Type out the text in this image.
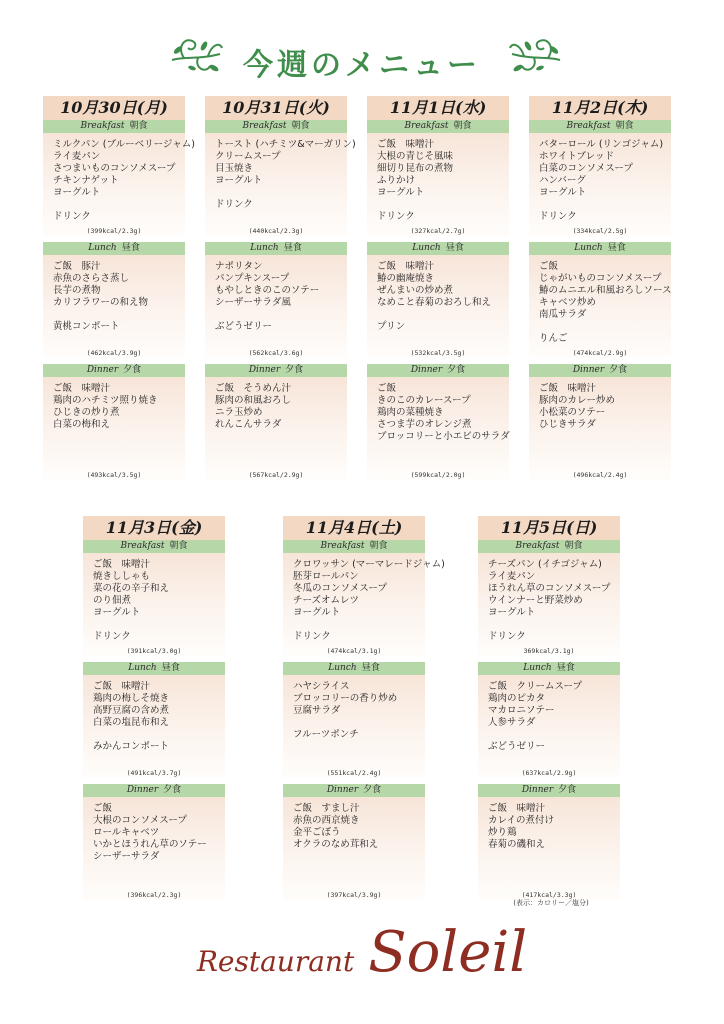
今週のメニュー
10月30日(月)
Breakfast 朝食
ミルクパン (ブルーベリージャム)
ライ麦パン
さつまいものコンソメスープ
チキンナゲット
ヨーグルト
ドリンク
(399kcal/2.3g)
Lunch 昼食
ご飯　豚汁
赤魚のさらさ蒸し
長芋の煮物
カリフラワーの和え物
黄桃コンポート
(462kcal/3.9g)
Dinner 夕食
ご飯　味噌汁
鶏肉のハチミツ照り焼き
ひじきの炒り煮
白菜の梅和え
(493kcal/3.5g)
10月31日(火)
Breakfast 朝食
トースト (ハチミツ&マーガリン)
クリームスープ
目玉焼き
ヨーグルト
ドリンク
(440kcal/2.3g)
Lunch 昼食
ナポリタン
パンプキンスープ
もやしときのこのソテー
シーザーサラダ風
ぶどうゼリー
(562kcal/3.6g)
Dinner 夕食
ご飯　そうめん汁
豚肉の和風おろし
ニラ玉炒め
れんこんサラダ
(567kcal/2.9g)
11月1日(水)
Breakfast 朝食
ご飯　味噌汁
大根の青じそ風味
細切り昆布の煮物
ふりかけ
ヨーグルト
ドリンク
(327kcal/2.7g)
Lunch 昼食
ご飯　味噌汁
鰆の幽庵焼き
ぜんまいの炒め煮
なめこと春菊のおろし和え
プリン
(532kcal/3.5g)
Dinner 夕食
ご飯
きのこのカレースープ
鶏肉の菜種焼き
さつま芋のオレンジ煮
ブロッコリーと小エビのサラダ
(599kcal/2.0g)
11月2日(木)
Breakfast 朝食
バターロール (リンゴジャム)
ホワイトブレッド
白菜のコンソメスープ
ハンバーグ
ヨーグルト
ドリンク
(334kcal/2.5g)
Lunch 昼食
ご飯
じゃがいものコンソメスープ
鰆のムニエル和風おろしソース
キャベツ炒め
南瓜サラダ
りんご
(474kcal/2.9g)
Dinner 夕食
ご飯　味噌汁
豚肉のカレー炒め
小松菜のソテー
ひじきサラダ
(496kcal/2.4g)
11月3日(金)
Breakfast 朝食
ご飯　味噌汁
焼きししゃも
菜の花の辛子和え
のり佃煮
ヨーグルト
ドリンク
(391kcal/3.0g)
Lunch 昼食
ご飯　味噌汁
鶏肉の梅しそ焼き
高野豆腐の含め煮
白菜の塩昆布和え
みかんコンポート
(491kcal/3.7g)
Dinner 夕食
ご飯
大根のコンソメスープ
ロールキャベツ
いかとほうれん草のソテー
シーザーサラダ
(396kcal/2.3g)
11月4日(土)
Breakfast 朝食
クロワッサン (マーマレードジャム)
胚芽ロールパン
冬瓜のコンソメスープ
チーズオムレツ
ヨーグルト
ドリンク
(474kcal/3.1g)
Lunch 昼食
ハヤシライス
ブロッコリーの香り炒め
豆腐サラダ
フルーツポンチ
(551kcal/2.4g)
Dinner 夕食
ご飯　すまし汁
赤魚の西京焼き
金平ごぼう
オクラのなめ茸和え
(397kcal/3.9g)
11月5日(日)
Breakfast 朝食
チーズパン (イチゴジャム)
ライ麦パン
ほうれん草のコンソメスープ
ウインナーと野菜炒め
ヨーグルト
ドリンク
369kcal/3.1g)
Lunch 昼食
ご飯　クリームスープ
鶏肉のピカタ
マカロニソテー
人参サラダ
ぶどうゼリー
(637kcal/2.9g)
Dinner 夕食
ご飯　味噌汁
カレイの煮付け
炒り鶏
春菊の磯和え
(417kcal/3.3g)
(表示：カロリー／塩分)
Restaurant Soleil
